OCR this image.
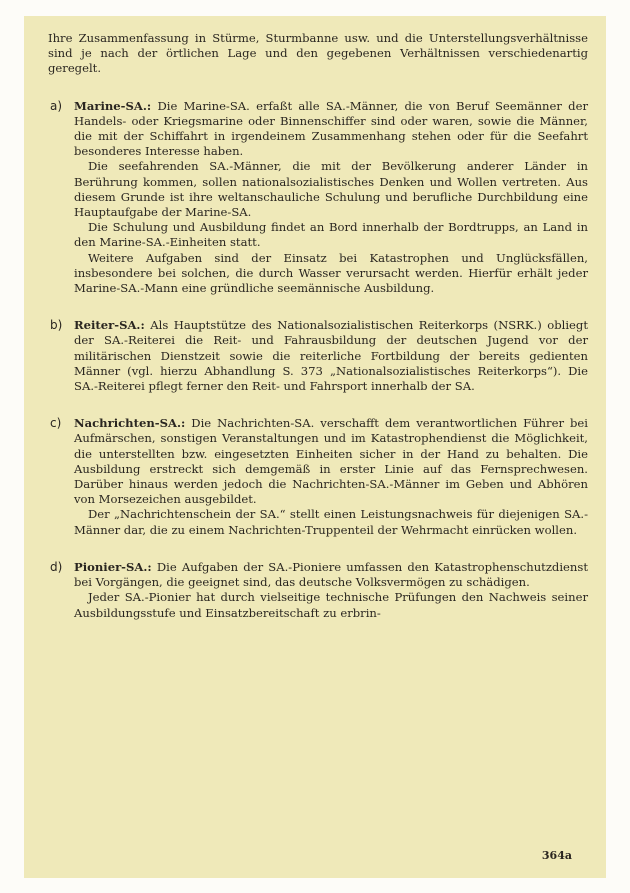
Ihre Zusammenfassung in Stürme, Sturmbanne usw. und die Unterstellungsverhältnisse sind je nach der örtlichen Lage und den gegebenen Verhältnissen verschiedenartig geregelt.

a)	Marine-SA.: Die Marine-SA. erfaßt alle SA.-Männer, die von Beruf Seemänner der Handels- oder Kriegsmarine oder Binnenschiffer sind oder waren, sowie die Männer, die mit der Schiffahrt in irgendeinem Zusammenhang stehen oder für die Seefahrt besonderes Interesse haben.

Die seefahrenden SA.-Männer, die mit der Bevölkerung anderer Länder in Berührung kommen, sollen nationalsozialistisches Denken und Wollen vertreten. Aus diesem Grunde ist ihre weltanschauliche Schulung und berufliche Durchbildung eine Hauptaufgabe der Marine-SA.

Die Schulung und Ausbildung findet an Bord innerhalb der Bordtrupps, an Land in den Marine-SA.-Einheiten statt.

Weitere Aufgaben sind der Einsatz bei Katastrophen und Unglücksfällen, insbesondere bei solchen, die durch Wasser verursacht werden. Hierfür erhält jeder Marine-SA.-Mann eine gründliche seemännische Ausbildung.

b)	Reiter-SA.: Als Hauptstütze des Nationalsozialistischen Reiterkorps (NSRK.) obliegt der SA.-Reiterei die Reit- und Fahrausbildung der deutschen Jugend vor der militärischen Dienstzeit sowie die reiterliche Fortbildung der bereits gedienten Männer (vgl. hierzu Abhandlung S. 373 „Nationalsozialistisches Reiterkorps“). Die SA.-Reiterei pflegt ferner den Reit- und Fahrsport innerhalb der SA.

c)	Nachrichten-SA.: Die Nachrichten-SA. verschafft dem verantwortlichen Führer bei Aufmärschen, sonstigen Veranstaltungen und im Katastrophendienst die Möglichkeit, die unterstellten bzw. eingesetzten Einheiten sicher in der Hand zu behalten. Die Ausbildung erstreckt sich demgemäß in erster Linie auf das Fernsprechwesen. Darüber hinaus werden jedoch die Nachrichten-SA.-Männer im Geben und Abhören von Morsezeichen ausgebildet.

Der „Nachrichtenschein der SA.“ stellt einen Leistungsnachweis für diejenigen SA.-Männer dar, die zu einem Nachrichten-Truppenteil der Wehrmacht einrücken wollen.

d)	Pionier-SA.: Die Aufgaben der SA.-Pioniere umfassen den Katastrophenschutzdienst bei Vorgängen, die geeignet sind, das deutsche Volksvermögen zu schädigen.

Jeder SA.-Pionier hat durch vielseitige technische Prüfungen den Nachweis seiner Ausbildungsstufe und Einsatzbereitschaft zu erbrin-

364a
